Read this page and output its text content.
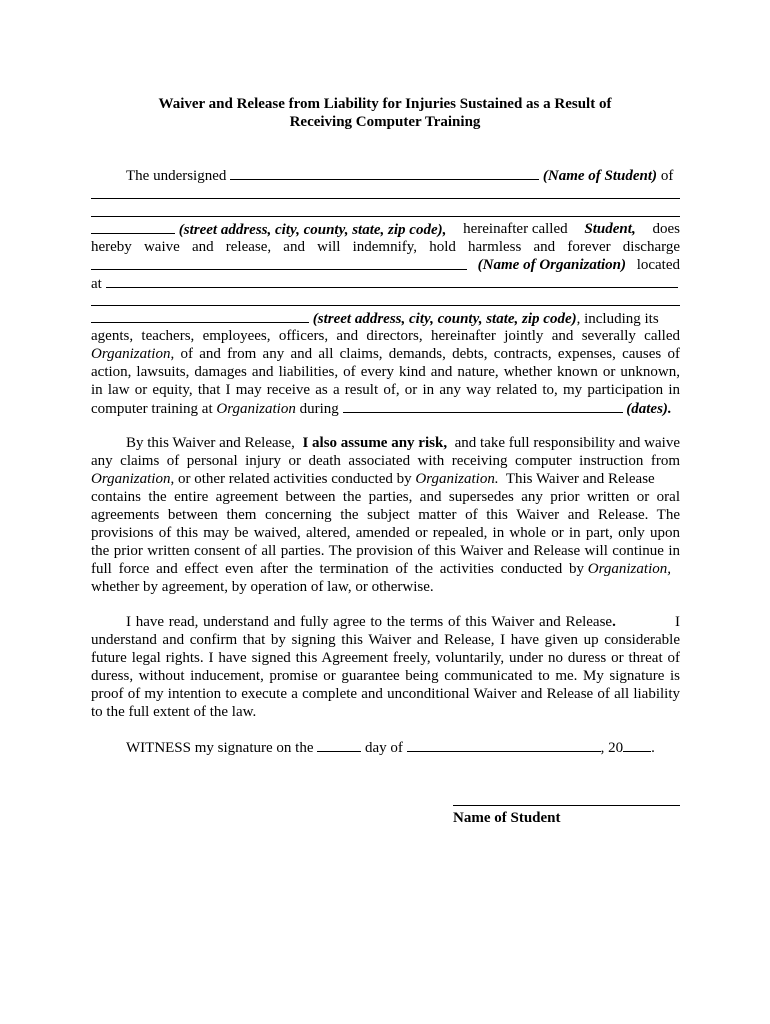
Waiver and Release from Liability for Injuries Sustained as a Result of
Receiving Computer Training
The undersigned	(Name of Student) of
(street address, city, county, state, zip code), hereinafter called Student, does
hereby waive and release, and will indemnify, hold harmless and forever discharge
(Name of Organization) located
at
(street address, city, county, state, zip code), including its
agents, teachers, employees, officers, and directors, hereinafter jointly and severally called
Organization, of and from any and all claims, demands, debts, contracts, expenses, causes of
action, lawsuits, damages and liabilities, of every kind and nature, whether known or unknown,
in law or equity, that I may receive as a result of, or in any way related to, my participation in
computer training at Organization during	(dates).
By this Waiver and Release, I also assume any risk, and take full responsibility and waive
any claims of personal injury or death associated with receiving computer instruction from
Organization, or other related activities conducted by Organization. This Waiver and Release
contains the entire agreement between the parties, and supersedes any prior written or oral
agreements between them concerning the subject matter of this Waiver and Release. The
provisions of this may be waived, altered, amended or repealed, in whole or in part, only upon
the prior written consent of all parties. The provision of this Waiver and Release will continue in
full force and effect even after the termination of the activities conducted by Organization,
whether by agreement, by operation of law, or otherwise.
I have read, understand and fully agree to the terms of this Waiver and Release.	I
understand and confirm that by signing this Waiver and Release, I have given up considerable
future legal rights. I have signed this Agreement freely, voluntarily, under no duress or threat of
duress, without inducement, promise or guarantee being communicated to me. My signature is
proof of my intention to execute a complete and unconditional Waiver and Release of all liability
to the full extent of the law.
WITNESS my signature on the	day of	, 20 .
Name of Student
